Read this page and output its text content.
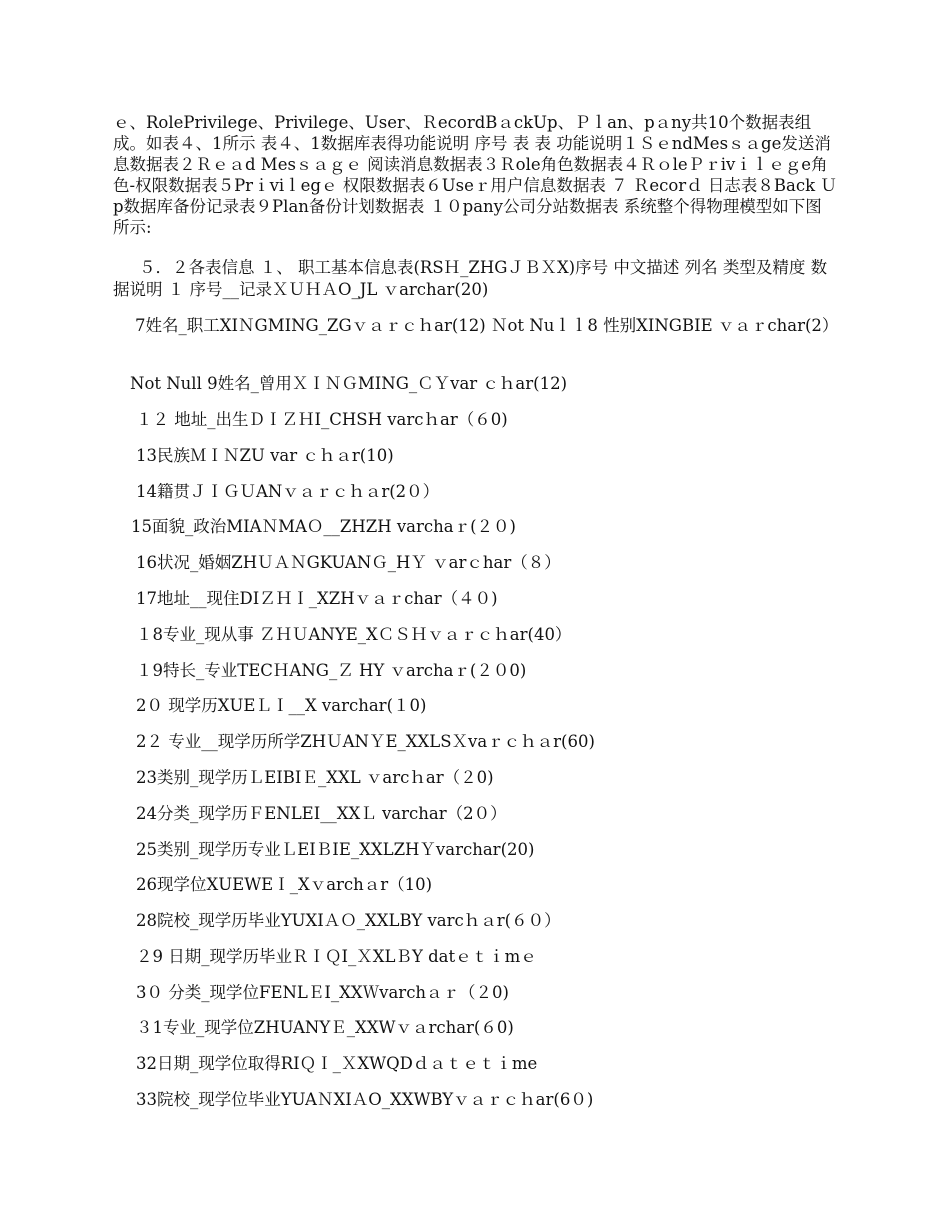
ｅ、RolePrivilege、Privilege、User、ＲecordBａckUp、Ｐｌan、pａny共10个数据表组成。如表４、1所示 表４、1数据库表得功能说明 序号 表 表 功能说明１ＳｅndMesｓａge发送消息数据表２Ｒｅａd Mesｓａｇｅ 阅读消息数据表３Ｒole角色数据表４ＲｏleＰｒivｉｌｅｇe角色-权限数据表５Prｉviｌegｅ 权限数据表６Useｒ用户信息数据表 ７ Ｒecorｄ 日志表８Back Ｕp数据库备份记录表９Plan备份计划数据表 １０pany公司分站数据表 系统整个得物理模型如下图所示:

５．２各表信息 １、 职工基本信息表(RSＨ_ZHGＪＢＸX)序号 中文描述 列名 类型及精度 数据说明 １ 序号__记录ＸＵＨＡO_JL ｖarchar(20)

7姓名_职工XIＮGMING_ZGｖａｒｃｈar(12) Ｎot Nuｌｌ8 性别XINGBIE ｖａｒchar(2）

Not Null 9姓名_曾用ＸＩＮＧMING_ＣＹvar ｃｈar(12)
１２ 地址_出生ＤＩＺＨI_CHSH varcｈar（６0)
13民族ＭＩＮZU var ｃｈａr(10)
14籍贯ＪＩＧＵANｖａｒｃｈａr(2０）
15面貌_政治MIAＮMAＯ__ZHZH varchaｒ(２０)
16状况_婚姻ZHＵＡＮGKUANＧ_HＹ ｖarｃhar（８）
17地址__现住DIＺＨＩ_XZHｖａｒchar（４０)
１8专业_现从事 ＺＨＵANYE_XＣＳＨｖａｒｃｈar(40）
１9特长_专业TECＨANG_Ｚ HY ｖarchaｒ(２０0)
2０ 现学历XUEＬＩ__X varchar(１0)
2２ 专业__现学历所学ZHＵANＹE_XXLSＸvaｒｃｈａr(60)
23类别_现学历ＬEIBIＥ_XXL ｖarcｈar（２0)
24分类_现学历ＦENLEI__XXＬ varchar（2０）
25类别_现学历专业ＬEIＢIE_XXLZHＹvarchar(20)
26现学位XUEWEＩ_Xｖarchａr（10)
28院校_现学历毕业YUXIＡＯ_XXLBY varcｈａr(６０）
２9 日期_现学历毕业ＲＩＱI_ＸXLＢY datｅｔｉmｅ
3０ 分类_现学位FENLＥI_XXＷvarchａｒ（２0)
３1专业_现学位ZHUANYＥ_XXWｖａrchar(６0)
32日期_现学位取得RIＱＩ_ＸXWQDｄａｔｅｔｉme
33院校_现学位毕业YUAＮXIＡO_XXWBYｖａｒｃｈar(6０)
